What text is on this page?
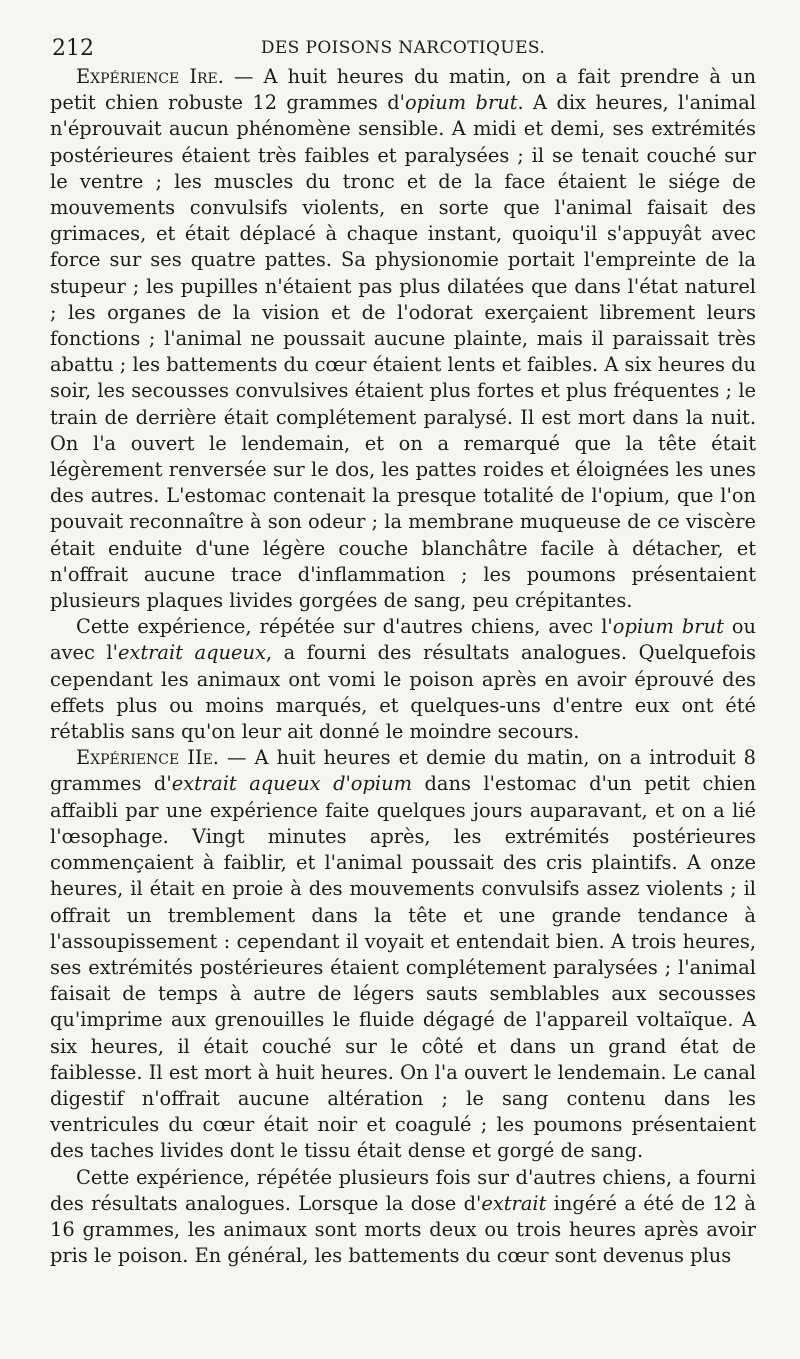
212	DES POISONS NARCOTIQUES.

Expérience Ire. — A huit heures du matin, on a fait prendre à un petit chien robuste 12 grammes d'opium brut. A dix heures, l'animal n'éprouvait aucun phénomène sensible. A midi et demi, ses extrémités postérieures étaient très faibles et paralysées ; il se tenait couché sur le ventre ; les muscles du tronc et de la face étaient le siége de mouvements convulsifs violents, en sorte que l'animal faisait des grimaces, et était déplacé à chaque instant, quoiqu'il s'appuyât avec force sur ses quatre pattes. Sa physionomie portait l'empreinte de la stupeur ; les pupilles n'étaient pas plus dilatées que dans l'état naturel ; les organes de la vision et de l'odorat exerçaient librement leurs fonctions ; l'animal ne poussait aucune plainte, mais il paraissait très abattu ; les battements du cœur étaient lents et faibles. A six heures du soir, les secousses convulsives étaient plus fortes et plus fréquentes ; le train de derrière était complétement paralysé. Il est mort dans la nuit. On l'a ouvert le lendemain, et on a remarqué que la tête était légèrement renversée sur le dos, les pattes roides et éloignées les unes des autres. L'estomac contenait la presque totalité de l'opium, que l'on pouvait reconnaître à son odeur ; la membrane muqueuse de ce viscère était enduite d'une légère couche blanchâtre facile à détacher, et n'offrait aucune trace d'inflammation ; les poumons présentaient plusieurs plaques livides gorgées de sang, peu crépitantes.

Cette expérience, répétée sur d'autres chiens, avec l'opium brut ou avec l'extrait aqueux, a fourni des résultats analogues. Quelquefois cependant les animaux ont vomi le poison après en avoir éprouvé des effets plus ou moins marqués, et quelques-uns d'entre eux ont été rétablis sans qu'on leur ait donné le moindre secours.

Expérience IIe. — A huit heures et demie du matin, on a introduit 8 grammes d'extrait aqueux d'opium dans l'estomac d'un petit chien affaibli par une expérience faite quelques jours auparavant, et on a lié l'œsophage. Vingt minutes après, les extrémités postérieures commençaient à faiblir, et l'animal poussait des cris plaintifs. A onze heures, il était en proie à des mouvements convulsifs assez violents ; il offrait un tremblement dans la tête et une grande tendance à l'assoupissement : cependant il voyait et entendait bien. A trois heures, ses extrémités postérieures étaient complétement paralysées ; l'animal faisait de temps à autre de légers sauts semblables aux secousses qu'imprime aux grenouilles le fluide dégagé de l'appareil voltaïque. A six heures, il était couché sur le côté et dans un grand état de faiblesse. Il est mort à huit heures. On l'a ouvert le lendemain. Le canal digestif n'offrait aucune altération ; le sang contenu dans les ventricules du cœur était noir et coagulé ; les poumons présentaient des taches livides dont le tissu était dense et gorgé de sang.

Cette expérience, répétée plusieurs fois sur d'autres chiens, a fourni des résultats analogues. Lorsque la dose d'extrait ingéré a été de 12 à 16 grammes, les animaux sont morts deux ou trois heures après avoir pris le poison. En général, les battements du cœur sont devenus plus
